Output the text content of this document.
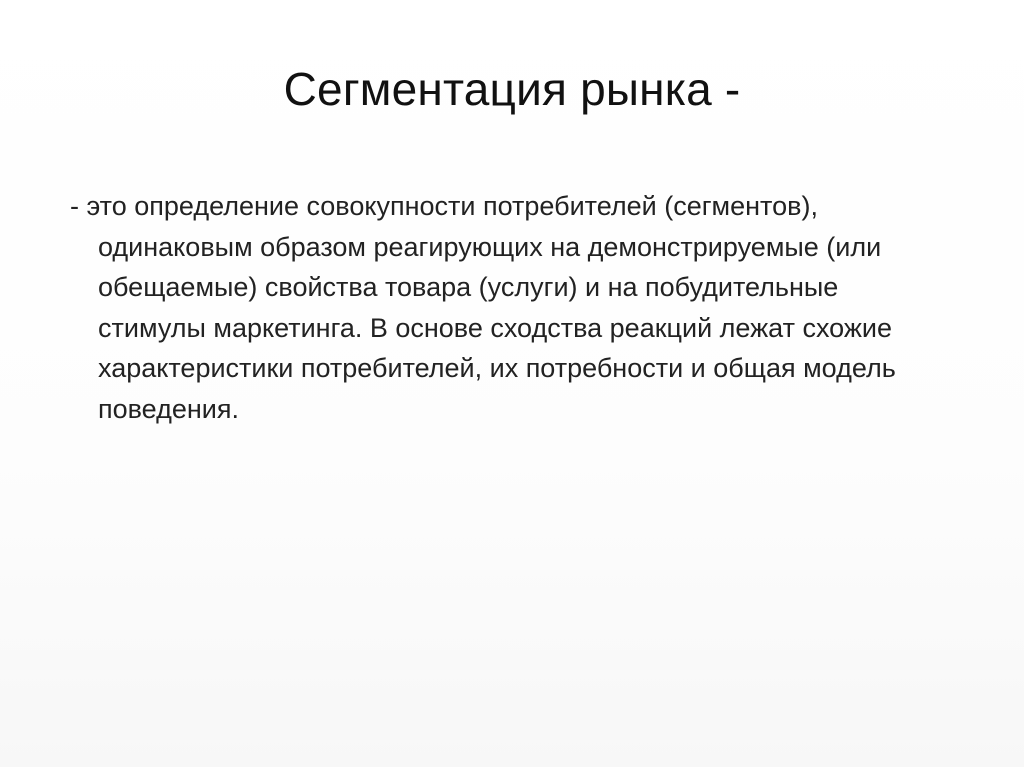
Сегментация рынка -

- это определение совокупности потребителей (сегментов), одинаковым образом реагирующих на демонстрируемые (или обещаемые) свойства товара (услуги) и на побудительные стимулы маркетинга. В основе сходства реакций лежат схожие характеристики потребителей, их потребности и общая модель поведения.
